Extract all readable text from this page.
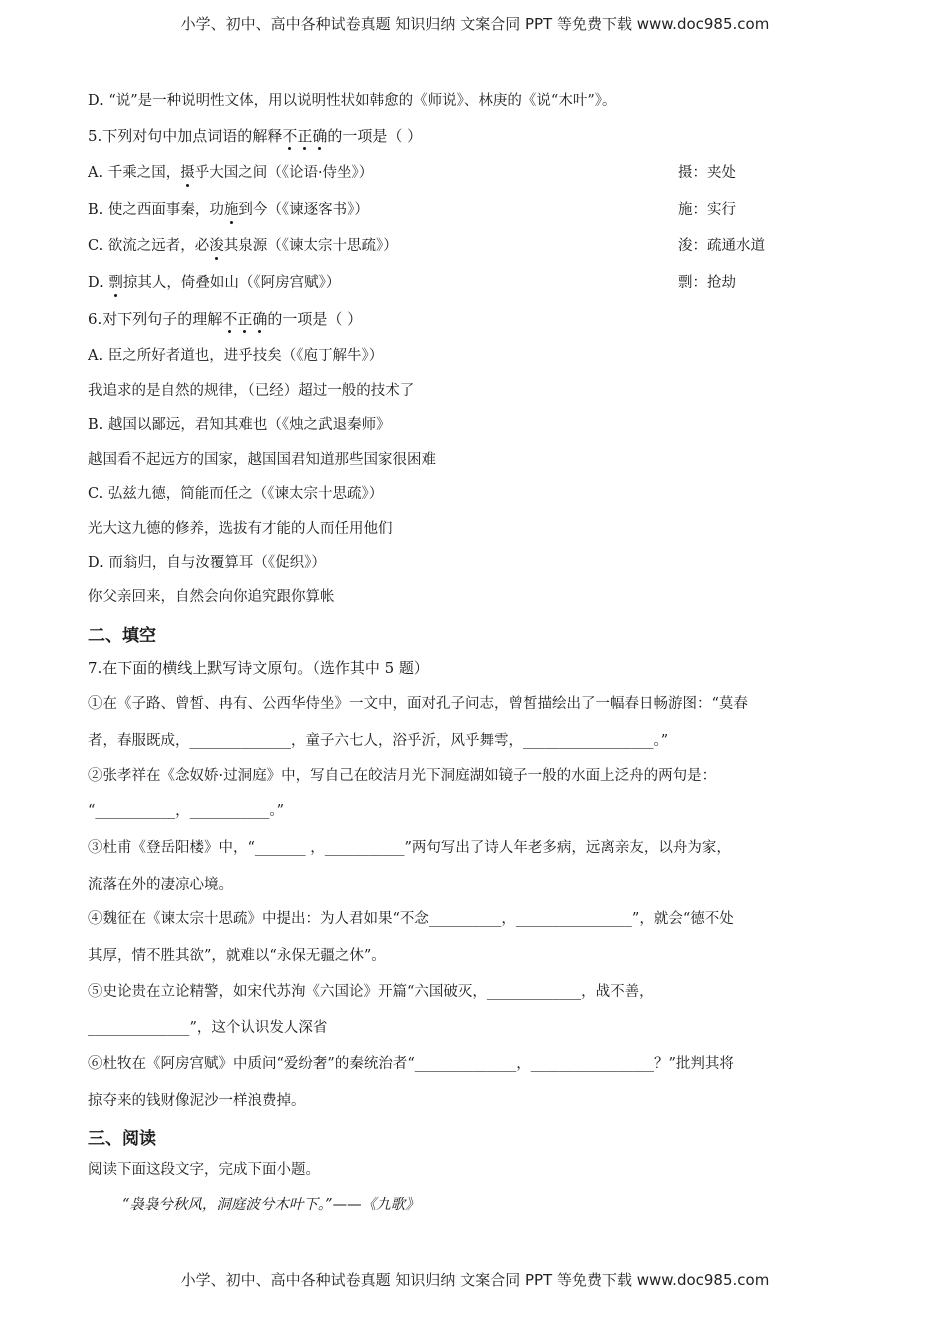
小学、初中、高中各种试卷真题 知识归纳 文案合同 PPT 等免费下载 www.doc985.com
D. “说”是一种说明性文体，用以说明性状如韩愈的《师说》、林庚的《说“木叶”》。
5.下列对句中加点词语的解释不正确的一项是（ ）
A. 千乘之国，摄乎大国之间（《论语·侍坐》）	摄：夹处
B. 使之西面事秦，功施到今（《谏逐客书》）	施：实行
C. 欲流之远者，必浚其泉源（《谏太宗十思疏》）	浚：疏通水道
D. 剽掠其人，倚叠如山（《阿房宫赋》）	剽：抢劫
6.对下列句子的理解不正确的一项是（ ）
A. 臣之所好者道也，进乎技矣（《庖丁解牛》）
我追求的是自然的规律，（已经）超过一般的技术了
B. 越国以鄙远，君知其难也（《烛之武退秦师》
越国看不起远方的国家，越国国君知道那些国家很困难
C. 弘兹九德，简能而任之（《谏太宗十思疏》）
光大这九德的修养，选拔有才能的人而任用他们
D. 而翁归，自与汝覆算耳（《促织》）
你父亲回来，自然会向你追究跟你算帐
二、填空
7.在下面的横线上默写诗文原句。（选作其中 5 题）
①在《子路、曾皙、冉有、公西华侍坐》一文中，面对孔子问志，曾皙描绘出了一幅春日畅游图：“莫春
者，春服既成，______________，童子六七人，浴乎沂，风乎舞雩，__________________。”
②张孝祥在《念奴娇·过洞庭》中，写自己在皎洁月光下洞庭湖如镜子一般的水面上泛舟的两句是：
“___________，___________。”
③杜甫《登岳阳楼》中，“_______ ，___________”两句写出了诗人年老多病，远离亲友，以舟为家，
流落在外的凄凉心境。
④魏征在《谏太宗十思疏》中提出：为人君如果“不念__________，________________”，就会“德不处
其厚，情不胜其欲”，就难以“永保无疆之休”。
⑤史论贵在立论精警，如宋代苏洵《六国论》开篇“六国破灭，_____________，战不善，
______________”，这个认识发人深省
⑥杜牧在《阿房宫赋》中质问“爱纷奢”的秦统治者“______________，_________________？”批判其将
掠夺来的钱财像泥沙一样浪费掉。
三、阅读
阅读下面这段文字，完成下面小题。
“袅袅兮秋风，洞庭波兮木叶下。”——《九歌》
小学、初中、高中各种试卷真题 知识归纳 文案合同 PPT 等免费下载 www.doc985.com
